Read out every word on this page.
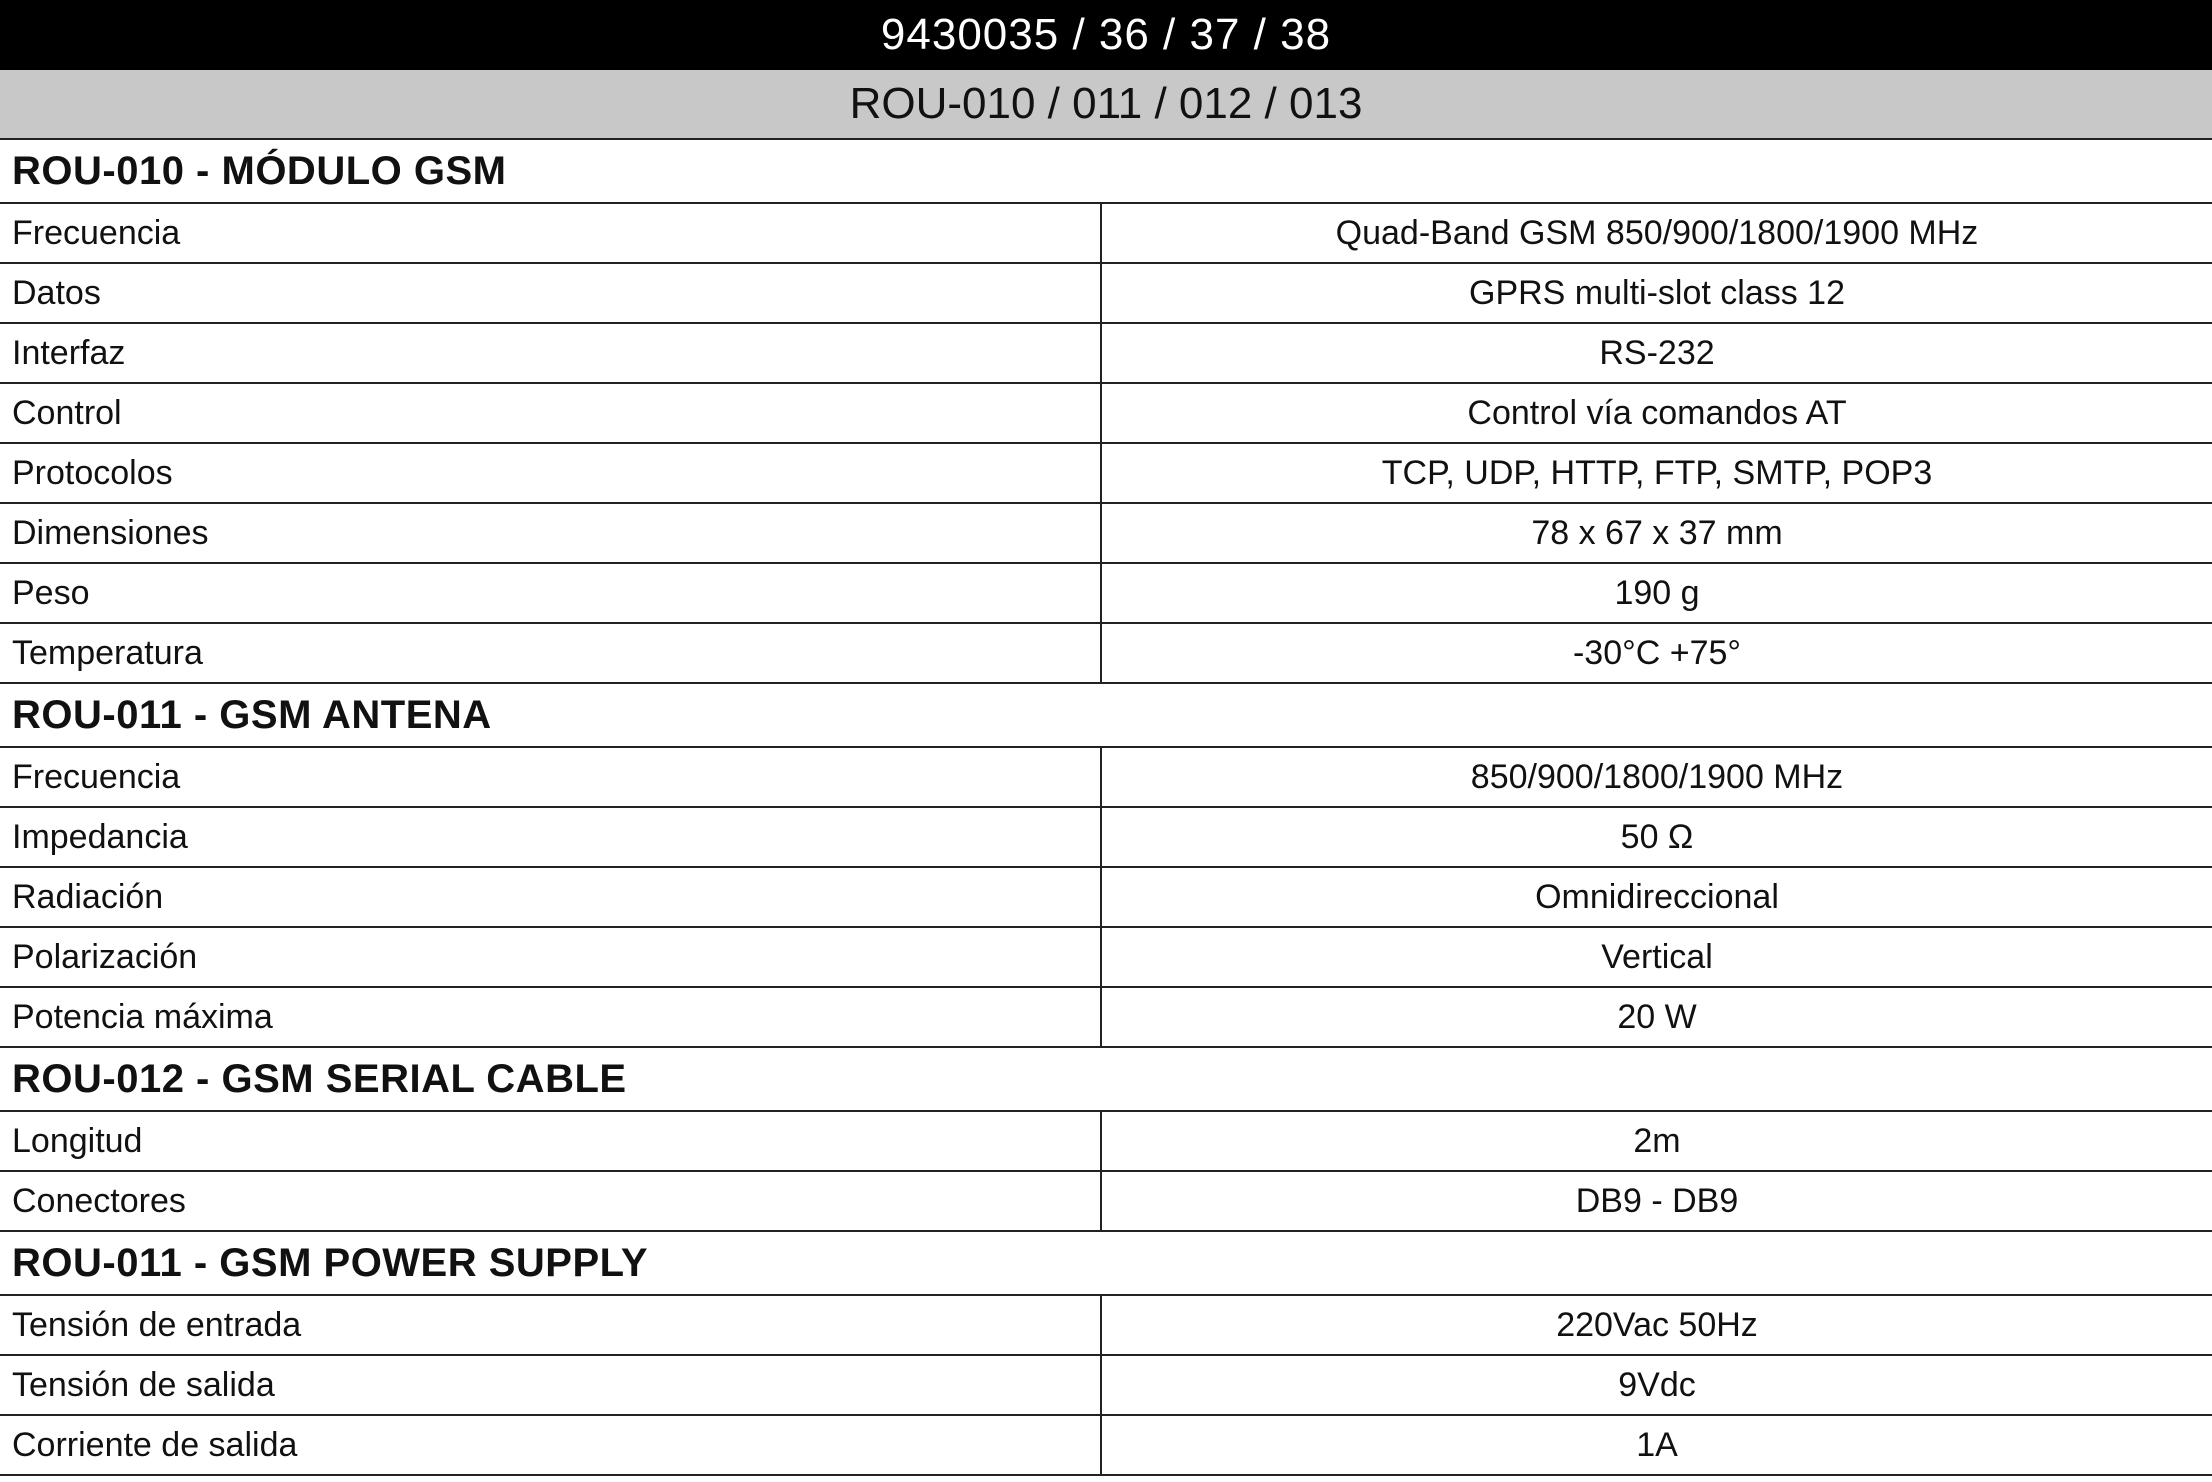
9430035 / 36 / 37 / 38
ROU-010 / 011 / 012 / 013
ROU-010 - MÓDULO GSM
Frecuencia	Quad-Band GSM 850/900/1800/1900 MHz
Datos	GPRS multi-slot class 12
Interfaz	RS-232
Control	Control vía comandos AT
Protocolos	TCP, UDP, HTTP, FTP, SMTP, POP3
Dimensiones	78 x 67 x 37 mm
Peso	190 g
Temperatura	-30°C +75°
ROU-011 - GSM ANTENA
Frecuencia	850/900/1800/1900 MHz
Impedancia	50 Ω
Radiación	Omnidireccional
Polarización	Vertical
Potencia máxima	20 W
ROU-012 - GSM SERIAL CABLE
Longitud	2m
Conectores	DB9 - DB9
ROU-011 - GSM POWER SUPPLY
Tensión de entrada	220Vac 50Hz
Tensión de salida	9Vdc
Corriente de salida	1A
